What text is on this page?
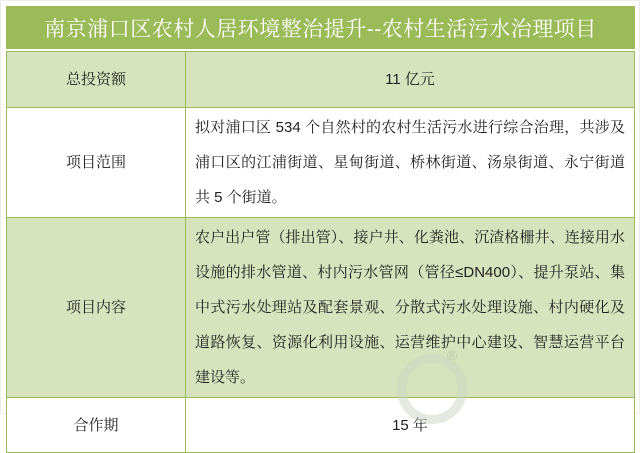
南京浦口区农村人居环境整治提升--农村生活污水治理项目
总投资额	11 亿元
项目范围	拟对浦口区 534 个自然村的农村生活污水进行综合治理，共涉及浦口区的江浦街道、星甸街道、桥林街道、汤泉街道、永宁街道共 5 个街道。
项目内容	农户出户管（排出管）、接户井、化粪池、沉渣格栅井、连接用水设施的排水管道、村内污水管网（管径≤DN400）、提升泵站、集中式污水处理站及配套景观、分散式污水处理设施、村内硬化及道路恢复、资源化利用设施、运营维护中心建设、智慧运营平台建设等。
合作期	15 年
®
